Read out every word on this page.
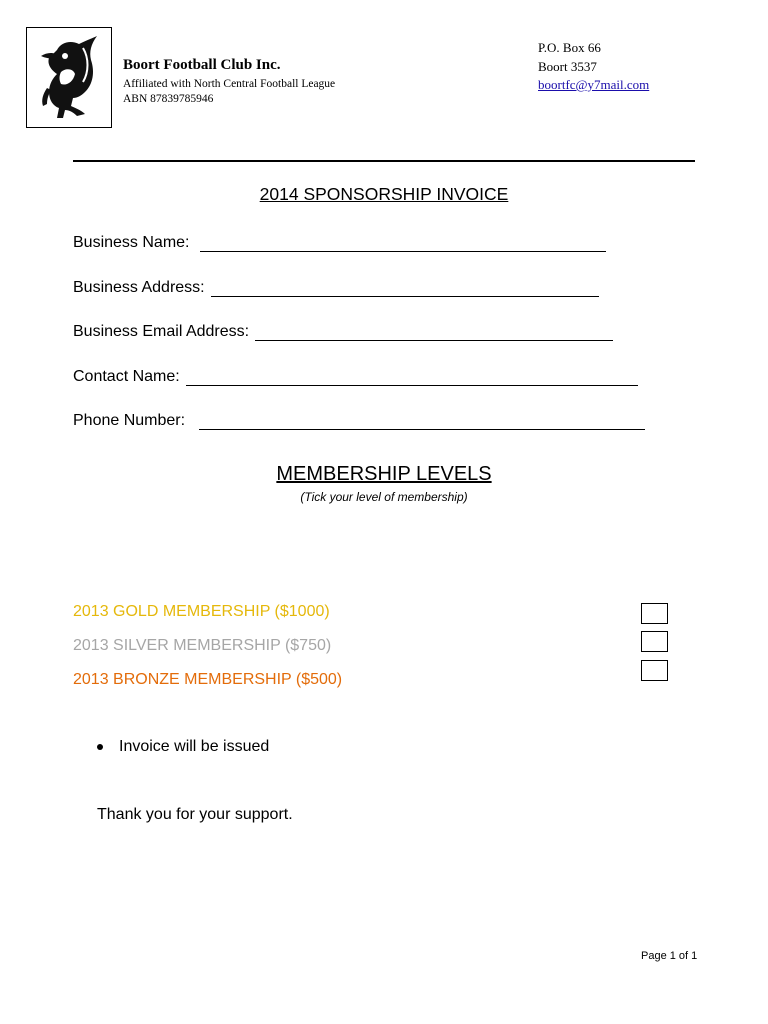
Boort Football Club Inc.
Affiliated with North Central Football League
ABN 87839785946
P.O. Box 66
Boort 3537
boortfc@y7mail.com
2014 SPONSORSHIP INVOICE
Business Name:
Business Address:
Business Email Address:
Contact Name:
Phone Number:
MEMBERSHIP LEVELS
(Tick your level of membership)
2013 GOLD MEMBERSHIP ($1000)
2013 SILVER MEMBERSHIP ($750)
2013 BRONZE MEMBERSHIP ($500)
Invoice will be issued
Thank you for your support.
Page 1 of 1
